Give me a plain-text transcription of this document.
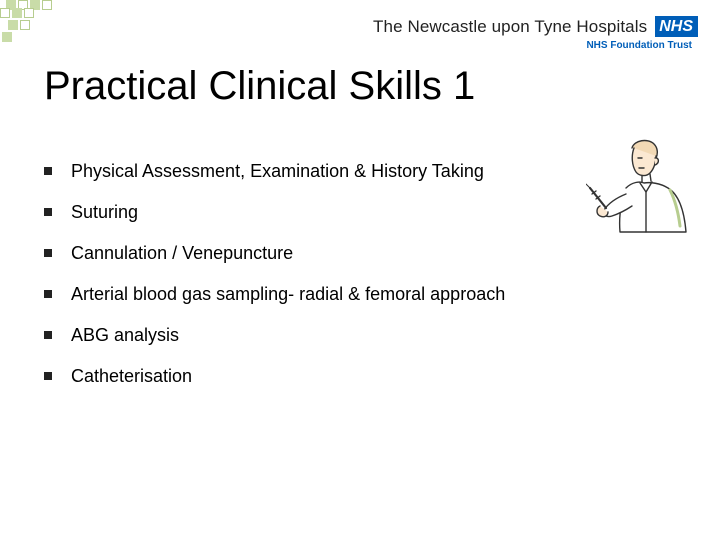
The Newcastle upon Tyne Hospitals NHS
NHS Foundation Trust
Practical Clinical Skills 1
Physical Assessment, Examination & History Taking
Suturing
Cannulation / Venepuncture
Arterial blood gas sampling- radial & femoral approach
ABG analysis
Catheterisation
